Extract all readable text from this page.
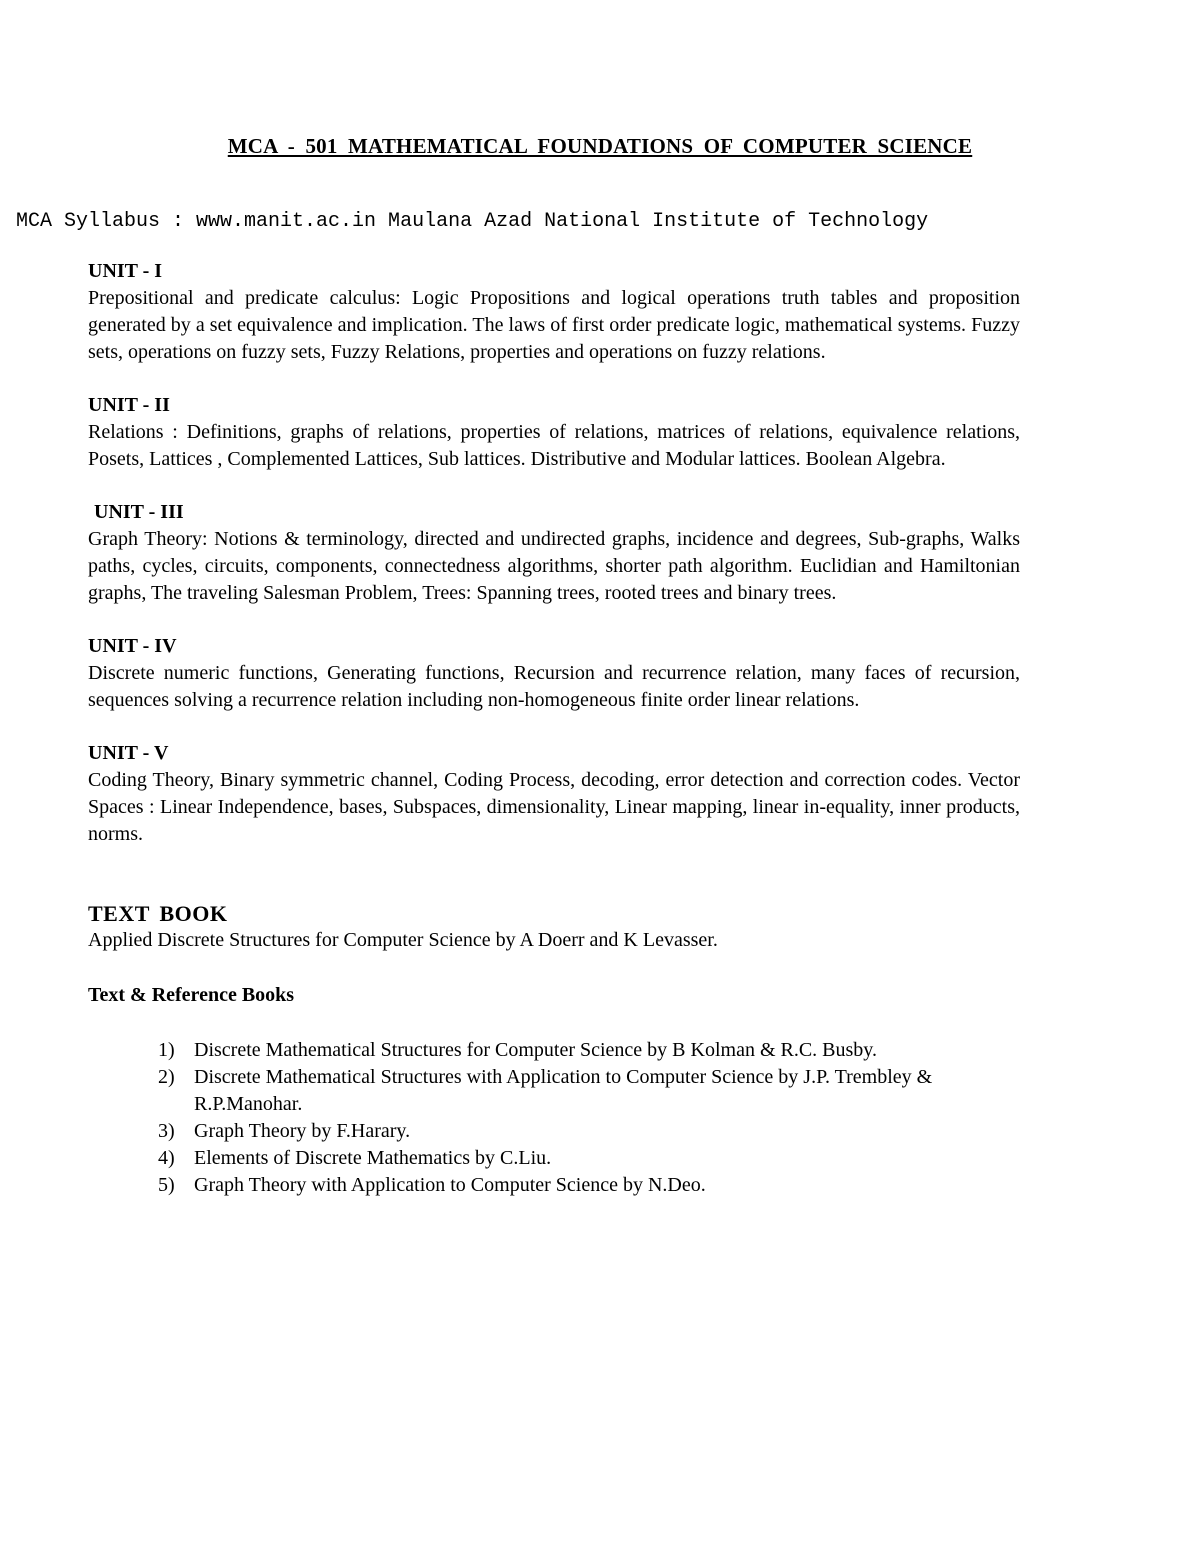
MCA - 501 MATHEMATICAL FOUNDATIONS OF COMPUTER SCIENCE
MCA Syllabus : www.manit.ac.in Maulana Azad National Institute of Technology
UNIT - I
Prepositional and predicate calculus: Logic Propositions and logical operations truth tables and proposition generated by a set equivalence and implication. The laws of first order predicate logic, mathematical systems. Fuzzy sets, operations on fuzzy sets, Fuzzy Relations, properties and operations on fuzzy relations.
UNIT - II
Relations : Definitions, graphs of relations, properties of relations, matrices of relations, equivalence relations, Posets, Lattices , Complemented Lattices, Sub lattices. Distributive and Modular lattices. Boolean Algebra.
UNIT - III
Graph Theory: Notions & terminology, directed and undirected graphs, incidence and degrees, Sub-graphs, Walks paths, cycles, circuits, components, connectedness algorithms, shorter path algorithm. Euclidian and Hamiltonian graphs, The traveling Salesman Problem, Trees: Spanning trees, rooted trees and binary trees.
UNIT - IV
Discrete numeric functions, Generating functions, Recursion and recurrence relation, many faces of recursion, sequences solving a recurrence relation including non-homogeneous finite order linear relations.
UNIT - V
Coding Theory, Binary symmetric channel, Coding Process, decoding, error detection and correction codes. Vector Spaces : Linear Independence, bases, Subspaces, dimensionality, Linear mapping, linear in-equality, inner products, norms.
TEXT BOOK
Applied Discrete Structures for Computer Science by A Doerr and K Levasser.
Text & Reference Books
1) Discrete Mathematical Structures for Computer Science by B Kolman & R.C. Busby.
2) Discrete Mathematical Structures with Application to Computer Science by J.P. Trembley & R.P.Manohar.
3) Graph Theory by F.Harary.
4) Elements of Discrete Mathematics by C.Liu.
5) Graph Theory with Application to Computer Science by N.Deo.
